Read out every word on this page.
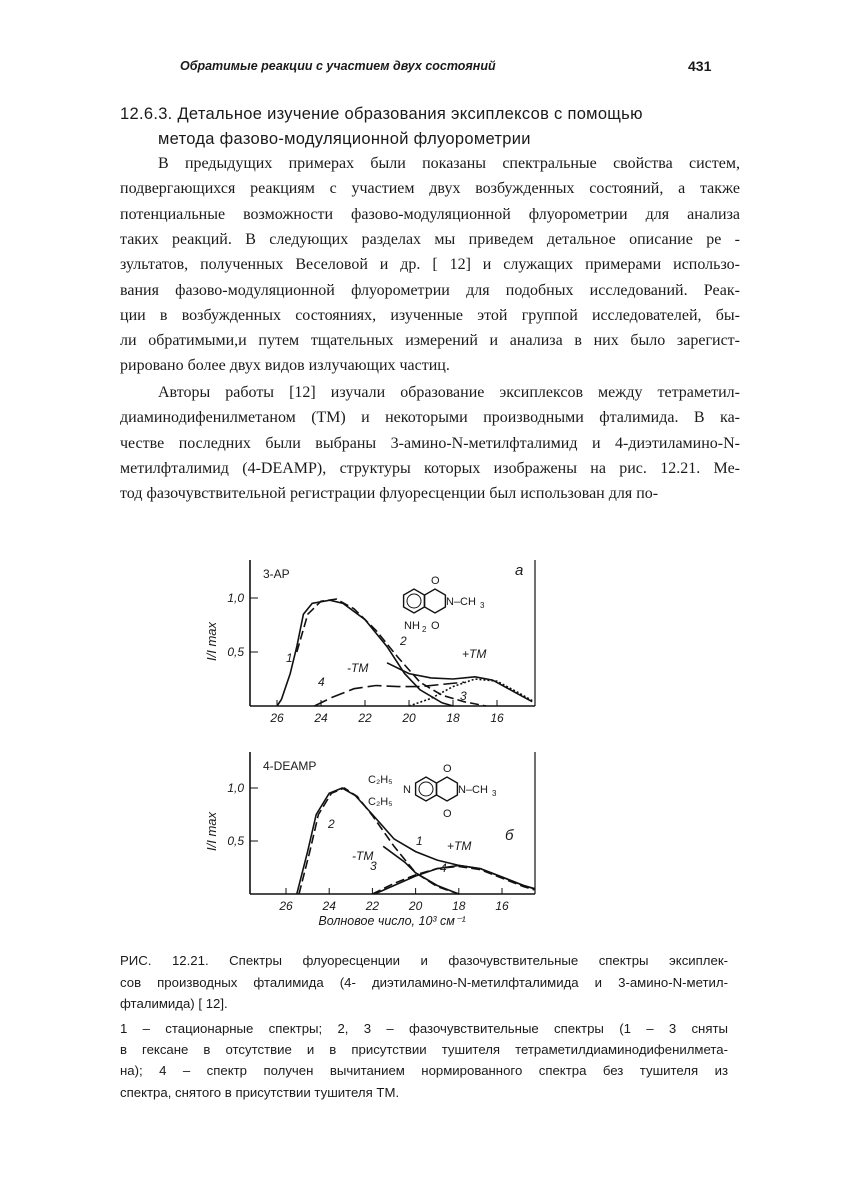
Обратимые реакции с участием двух состояний	431
12.6.3. Детальное изучение образования эксиплексов с помощью
метода фазово-модуляционной флуорометрии
В предыдущих примерах были показаны спектральные свойства систем,
подвергающихся реакциям с участием двух возбужденных состояний, а также
потенциальные возможности фазово-модуляционной флуорометрии для анализа
таких реакций. В следующих разделах мы приведем детальное описание ре -
зультатов, полученных Веселовой и др. [ 12] и служащих примерами использо-
вания фазово-модуляционной флуорометрии для подобных исследований. Реак-
ции в возбужденных состояниях, изученные этой группой исследователей, бы-
ли обратимыми,и путем тщательных измерений и анализа в них было зарегист-
рировано более двух видов излучающих частиц.
Авторы работы [12] изучали образование эксиплексов между тетраметил-
диаминодифенилметаном (ТМ) и некоторыми производными фталимида. В ка-
честве последних были выбраны 3-амино-N-метилфталимид и 4-диэтиламино-N-
метилфталимид (4-DEAMP), структуры которых изображены на рис. 12.21. Ме-
тод фазочувствительной регистрации флуоресценции был использован для по-
26	24	22	20	18	16
0,5
1,0
I/I max
3-AP	а
1
2
3
4
-TM
+TM
O
O
N–CH 3
NH 2
26 24 22 20 18 16
0,5
1,0
I/I max
4-DEAMP
б
Волновое число, 10³ см⁻¹
1
2
3	4
-TM
+TM
O
O
N–CH 3
N
C₂H₅
C₂H₅
РИС. 12.21. Спектры флуоресценции и фазочувствительные спектры эксиплек-
сов производных фталимида (4- диэтиламино-N-метилфталимида и 3-амино-N-метил-
фталимида) [ 12].
1 – стационарные спектры; 2, 3 – фазочувствительные спектры (1 – 3 сняты
в гексане в отсутствие и в присутствии тушителя тетраметилдиаминодифенилмета-
на); 4 – спектр получен вычитанием нормированного спектра без тушителя из
спектра, снятого в присутствии тушителя ТМ.
